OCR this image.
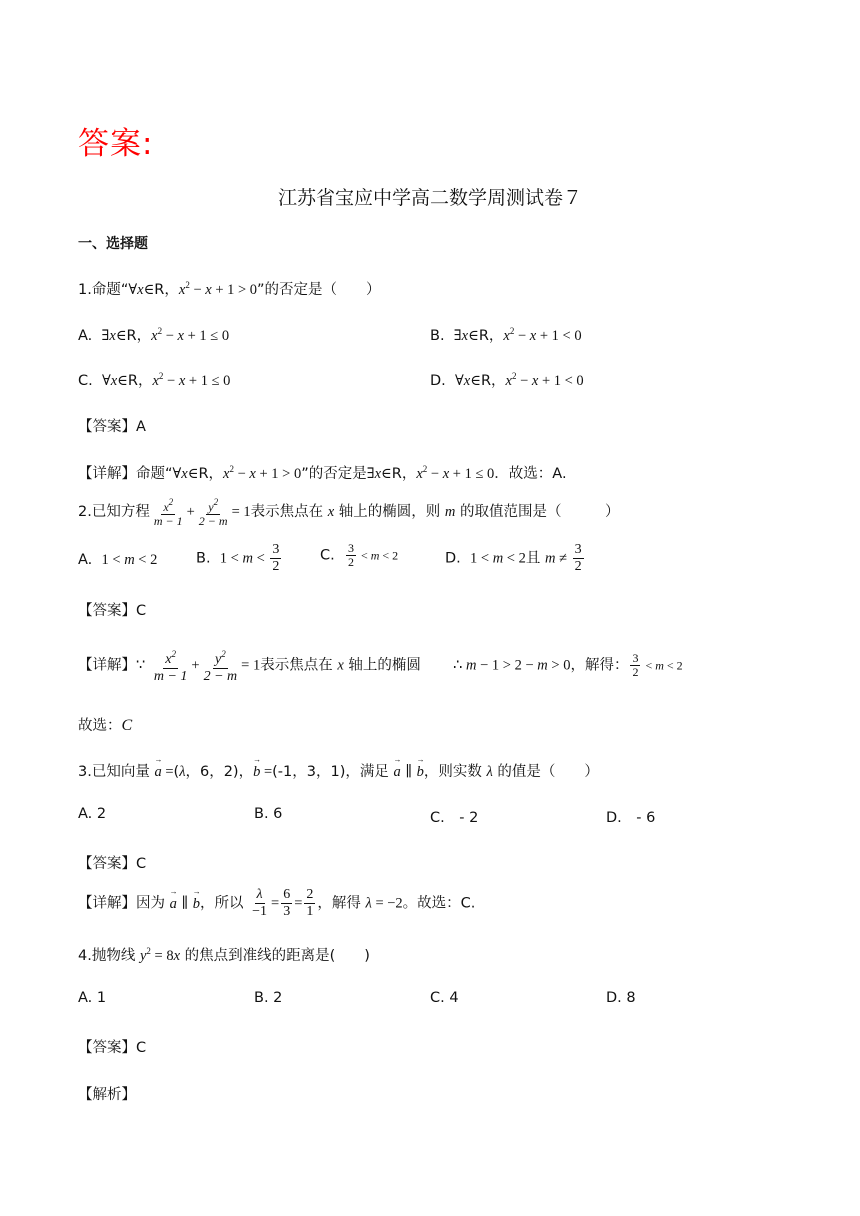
答案:
江苏省宝应中学高二数学周测试卷７
一、选择题
1.命题“∀x∈R，$x^2 - x + 1 > 0$”的否定是（　　）
A.  ∃x∈R，$x^2 - x + 1 \le 0$	B.  ∃x∈R，$x^2 - x + 1 < 0$
C.  ∀x∈R，$x^2 - x + 1 \le 0$	D.  ∀x∈R，$x^2 - x + 1 < 0$
【答案】A
【详解】命题“∀x∈R，$x^2 - x + 1 > 0$”的否定是∃x∈R，$x^2 - x + 1 \le 0$．故选：A.
2.已知方程 $\frac{x^2}{m - 1} + \frac{y^2}{2 - m} = 1$表示焦点在 x 轴上的椭圆，则 m 的取值范围是（　　　）
A.  1 < m < 2	B.  $1 < m < \frac{3}{2}$	C. $\frac{3}{2} < m < 2$	D.  1 < m < 2且 $m \ne \frac{3}{2}$
【答案】C
【详解】∵ $\frac{x^2}{m - 1} + \frac{y^2}{2 - m} = 1$表示焦点在 x 轴上的椭圆       ∴ m − 1 > 2 − m > 0，解得： $\frac{3}{2} < m < 2$
故选：C
3.已知向量 → a =(λ，6，2)，→ b =(-1，3，1)，满足 → a ∥ → b，则实数 λ 的值是（　　）
A. 2	B. 6	C.　- 2	D.　- 6
【答案】C
【详解】因为 → a ∥ → b，所以 $\frac{\lambda}{-1} = \frac{6}{3} = \frac{2}{1}$ ，解得 λ = −2。故选：C.
4.抛物线 $y^2 = 8x$ 的焦点到准线的距离是(　　)
A. 1	B. 2	C. 4	D. 8
【答案】C
【解析】
